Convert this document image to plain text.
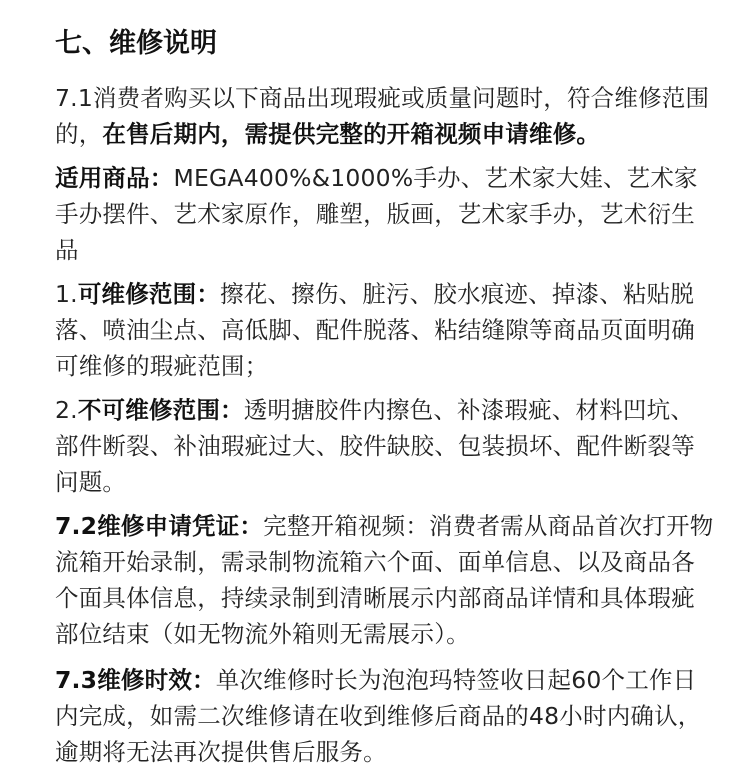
七、维修说明

7.1消费者购买以下商品出现瑕疵或质量问题时，符合维修范围的，在售后期内，需提供完整的开箱视频申请维修。

适用商品：MEGA400%&1000%手办、艺术家大娃、艺术家手办摆件、艺术家原作，雕塑，版画，艺术家手办，艺术衍生品

1.可维修范围：擦花、擦伤、脏污、胶水痕迹、掉漆、粘贴脱落、喷油尘点、高低脚、配件脱落、粘结缝隙等商品页面明确可维修的瑕疵范围；

2.不可维修范围：透明搪胶件内擦色、补漆瑕疵、材料凹坑、部件断裂、补油瑕疵过大、胶件缺胶、包装损坏、配件断裂等问题。

7.2维修申请凭证：完整开箱视频：消费者需从商品首次打开物流箱开始录制，需录制物流箱六个面、面单信息、以及商品各个面具体信息，持续录制到清晰展示内部商品详情和具体瑕疵部位结束（如无物流外箱则无需展示）。

7.3维修时效：单次维修时长为泡泡玛特签收日起60个工作日内完成，如需二次维修请在收到维修后商品的48小时内确认，逾期将无法再次提供售后服务。
